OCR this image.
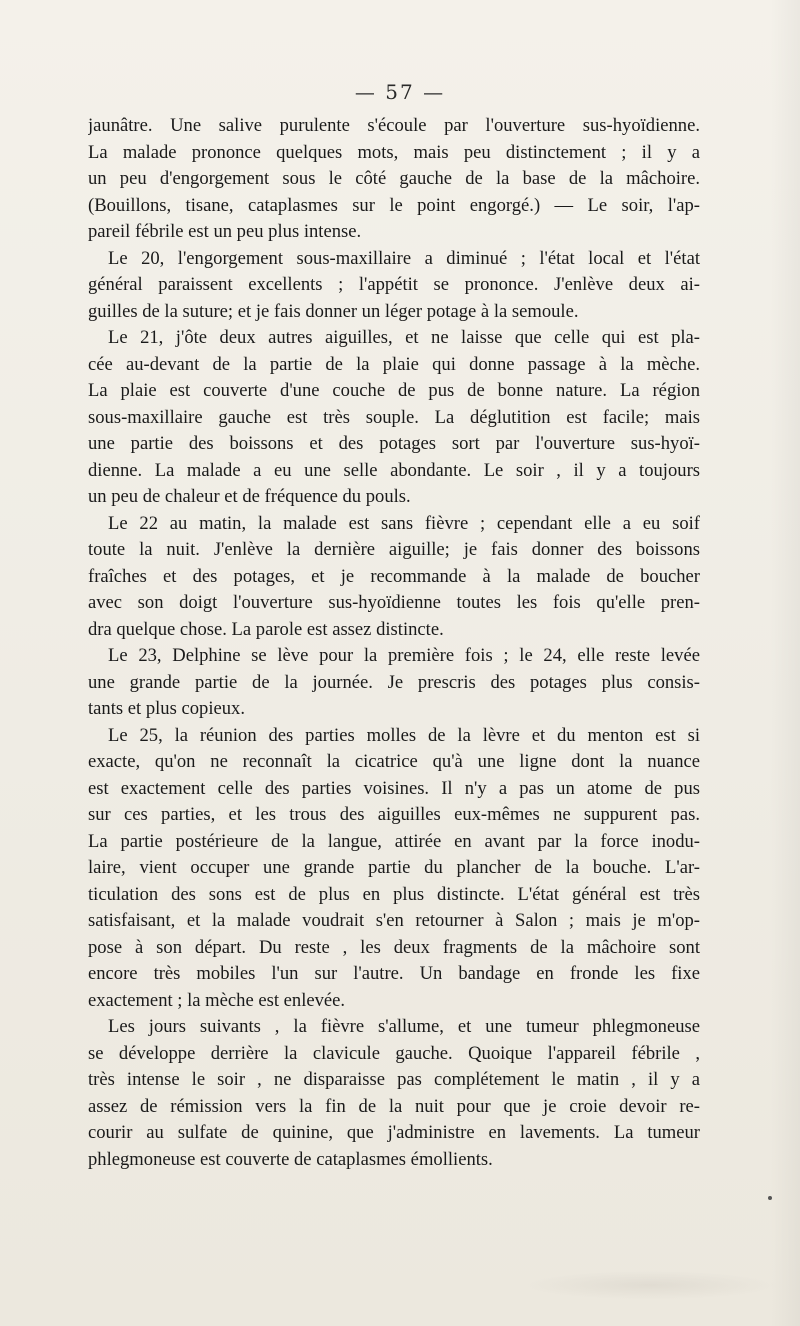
— 57 —
jaunâtre. Une salive purulente s'écoule par l'ouverture sus-hyoïdienne.
La malade prononce quelques mots, mais peu distinctement ; il y a
un peu d'engorgement sous le côté gauche de la base de la mâchoire.
(Bouillons, tisane, cataplasmes sur le point engorgé.) — Le soir, l'ap-
pareil fébrile est un peu plus intense.
Le 20, l'engorgement sous-maxillaire a diminué ; l'état local et l'état
général paraissent excellents ; l'appétit se prononce. J'enlève deux ai-
guilles de la suture; et je fais donner un léger potage à la semoule.
Le 21, j'ôte deux autres aiguilles, et ne laisse que celle qui est pla-
cée au-devant de la partie de la plaie qui donne passage à la mèche.
La plaie est couverte d'une couche de pus de bonne nature. La région
sous-maxillaire gauche est très souple. La déglutition est facile; mais
une partie des boissons et des potages sort par l'ouverture sus-hyoï-
dienne. La malade a eu une selle abondante. Le soir , il y a toujours
un peu de chaleur et de fréquence du pouls.
Le 22 au matin, la malade est sans fièvre ; cependant elle a eu soif
toute la nuit. J'enlève la dernière aiguille; je fais donner des boissons
fraîches et des potages, et je recommande à la malade de boucher
avec son doigt l'ouverture sus-hyoïdienne toutes les fois qu'elle pren-
dra quelque chose. La parole est assez distincte.
Le 23, Delphine se lève pour la première fois ; le 24, elle reste levée
une grande partie de la journée. Je prescris des potages plus consis-
tants et plus copieux.
Le 25, la réunion des parties molles de la lèvre et du menton est si
exacte, qu'on ne reconnaît la cicatrice qu'à une ligne dont la nuance
est exactement celle des parties voisines. Il n'y a pas un atome de pus
sur ces parties, et les trous des aiguilles eux-mêmes ne suppurent pas.
La partie postérieure de la langue, attirée en avant par la force inodu-
laire, vient occuper une grande partie du plancher de la bouche. L'ar-
ticulation des sons est de plus en plus distincte. L'état général est très
satisfaisant, et la malade voudrait s'en retourner à Salon ; mais je m'op-
pose à son départ. Du reste , les deux fragments de la mâchoire sont
encore très mobiles l'un sur l'autre. Un bandage en fronde les fixe
exactement ; la mèche est enlevée.
Les jours suivants , la fièvre s'allume, et une tumeur phlegmoneuse
se développe derrière la clavicule gauche. Quoique l'appareil fébrile ,
très intense le soir , ne disparaisse pas complétement le matin , il y a
assez de rémission vers la fin de la nuit pour que je croie devoir re-
courir au sulfate de quinine, que j'administre en lavements. La tumeur
phlegmoneuse est couverte de cataplasmes émollients.
